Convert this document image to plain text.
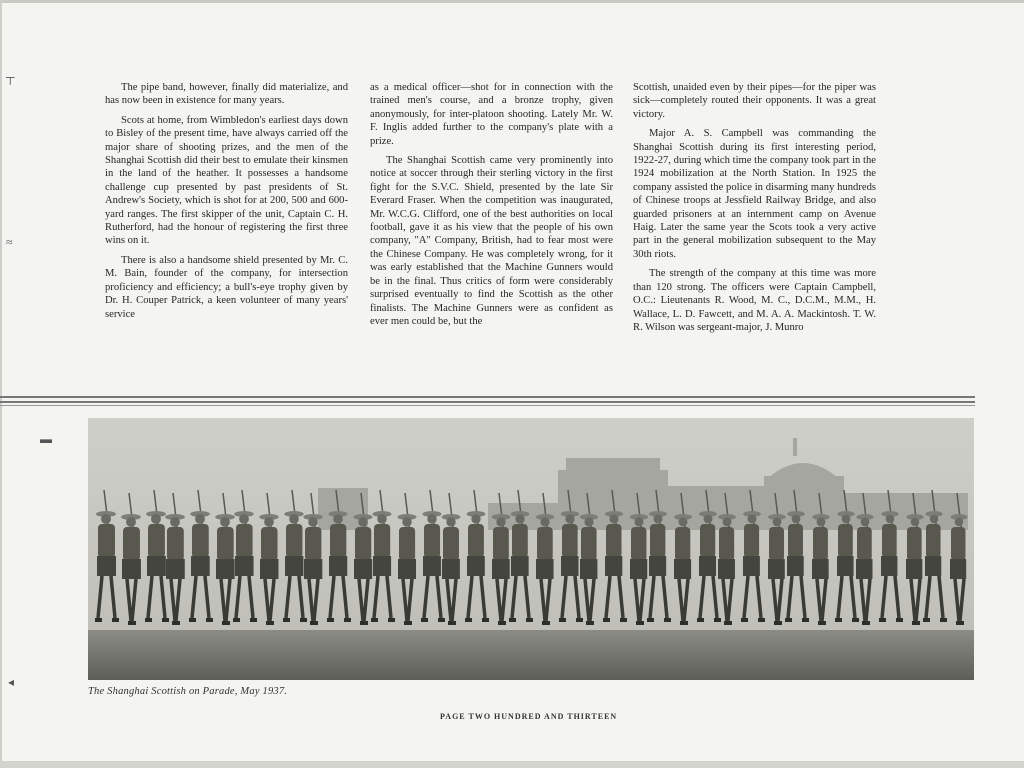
┬
≈
▬
◂

The pipe band, however, finally did materialize, and has now been in existence for many years.

Scots at home, from Wimbledon's earliest days down to Bisley of the present time, have always carried off the major share of shooting prizes, and the men of the Shanghai Scottish did their best to emulate their kinsmen in the land of the heather. It possesses a handsome challenge cup presented by past presidents of St. Andrew's Society, which is shot for at 200, 500 and 600-yard ranges. The first skipper of the unit, Captain C. H. Rutherford, had the honour of registering the first three wins on it.

There is also a handsome shield presented by Mr. C. M. Bain, founder of the company, for intersection proficiency and efficiency; a bull's-eye trophy given by Dr. H. Couper Patrick, a keen volunteer of many years' service

as a medical officer—shot for in connection with the trained men's course, and a bronze trophy, given anonymously, for inter-platoon shooting. Lately Mr. W. F. Inglis added further to the company's plate with a prize.

The Shanghai Scottish came very prominently into notice at soccer through their sterling victory in the first fight for the S.V.C. Shield, presented by the late Sir Everard Fraser. When the competition was inaugurated, Mr. W.C.G. Clifford, one of the best authorities on local football, gave it as his view that the people of his own company, "A" Company, British, had to fear most were the Chinese Company. He was completely wrong, for it was early established that the Machine Gunners would be in the final. Thus critics of form were considerably surprised eventually to find the Scottish as the other finalists. The Machine Gunners were as confident as ever men could be, but the

Scottish, unaided even by their pipes—for the piper was sick—completely routed their opponents. It was a great victory.

Major A. S. Campbell was commanding the Shanghai Scottish during its first interesting period, 1922-27, during which time the company took part in the 1924 mobilization at the North Station. In 1925 the company assisted the police in disarming many hundreds of Chinese troops at Jessfield Railway Bridge, and also guarded prisoners at an internment camp on Avenue Haig. Later the same year the Scots took a very active part in the general mobilization subsequent to the May 30th riots.

The strength of the company at this time was more than 120 strong. The officers were Captain Campbell, O.C.: Lieutenants R. Wood, M. C., D.C.M., M.M., H. Wallace, L. D. Fawcett, and M. A. A. Mackintosh. T. W. R. Wilson was sergeant-major, J. Munro

The Shanghai Scottish on Parade, May 1937.
PAGE TWO HUNDRED AND THIRTEEN
